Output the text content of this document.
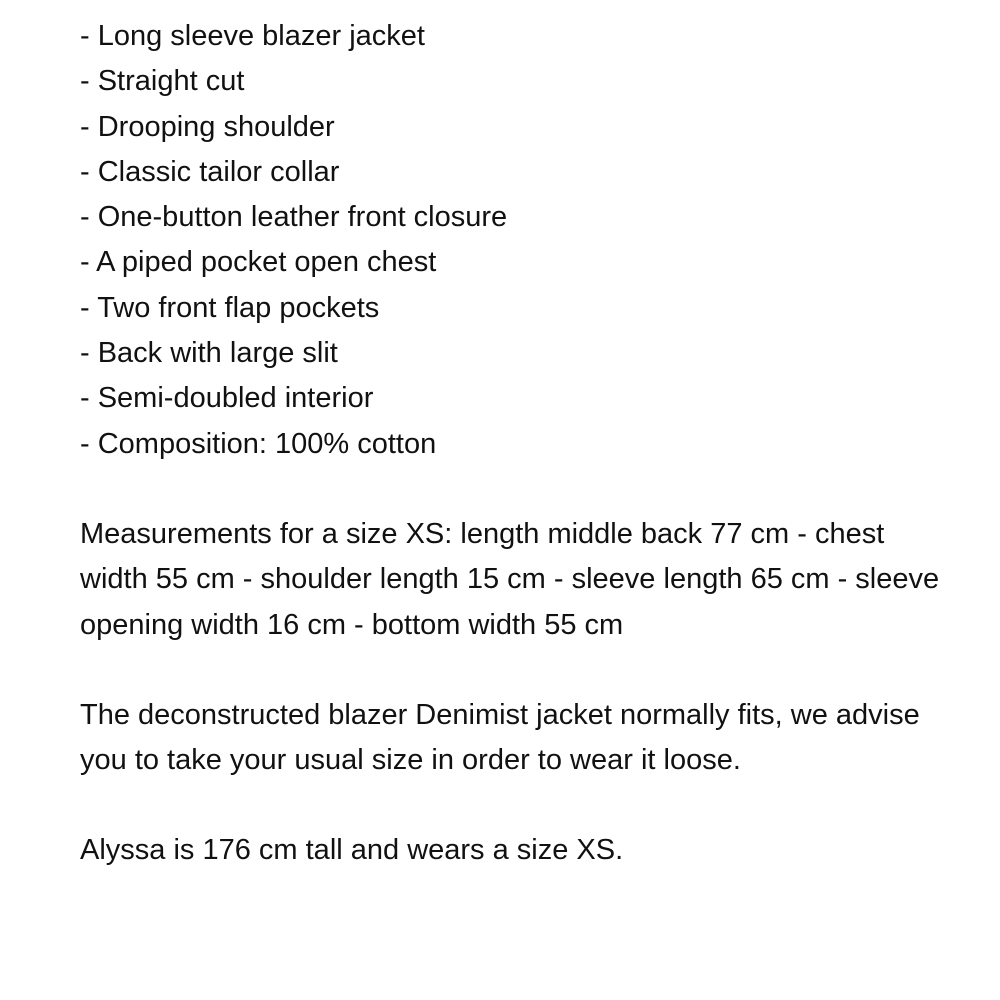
- Long sleeve blazer jacket
- Straight cut
- Drooping shoulder
- Classic tailor collar
- One-button leather front closure
- A piped pocket open chest
- Two front flap pockets
- Back with large slit
- Semi-doubled interior
- Composition: 100% cotton

Measurements for a size XS: length middle back 77 cm - chest width 55 cm - shoulder length 15 cm - sleeve length 65 cm - sleeve opening width 16 cm - bottom width 55 cm

The deconstructed blazer Denimist jacket normally fits, we advise you to take your usual size in order to wear it loose.

Alyssa is 176 cm tall and wears a size XS.
